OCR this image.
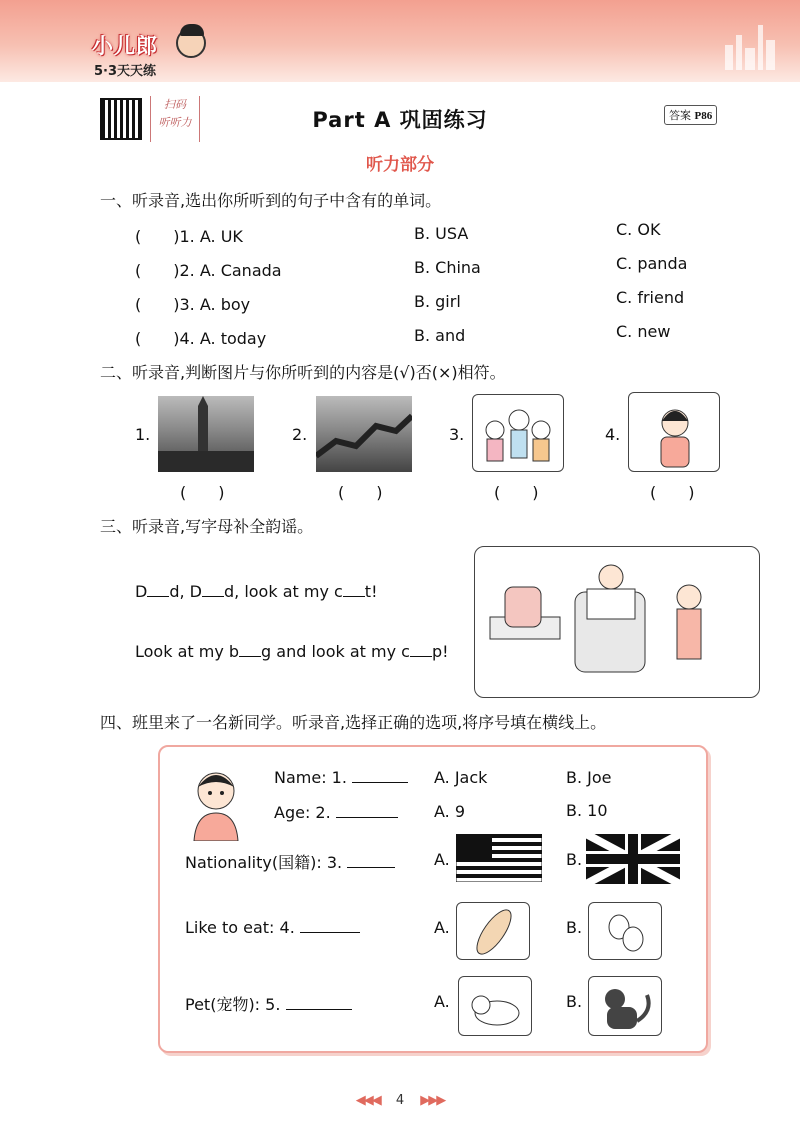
小儿郎
5·3天天练
扫码
听听力	Part A 巩固练习	答案 P86
听力部分
一、听录音,选出你所听到的句子中含有的单词。
(　　)1. A. UK	B. USA	C. OK
(　　)2. A. Canada	B. China	C. panda
(　　)3. A. boy	B. girl	C. friend
(　　)4. A. today	B. and	C. new
二、听录音,判断图片与你所听到的内容是(√)否(×)相符。
1.
(　　)
2.
(　　)
3.
(　　)
4.
(　　)
三、听录音,写字母补全韵谣。
D d, D d, look at my c t!
Look at my b g and look at my c p!
四、班里来了一名新同学。听录音,选择正确的选项,将序号填在横线上。
Name: 1.	A. Jack	B. Joe
Age: 2.	A. 9	B. 10
Nationality(国籍): 3.	A.	B.
Like to eat: 4.	A.	B.
Pet(宠物): 5.	A.	B.
◀◀◀ 4 ▶▶▶
